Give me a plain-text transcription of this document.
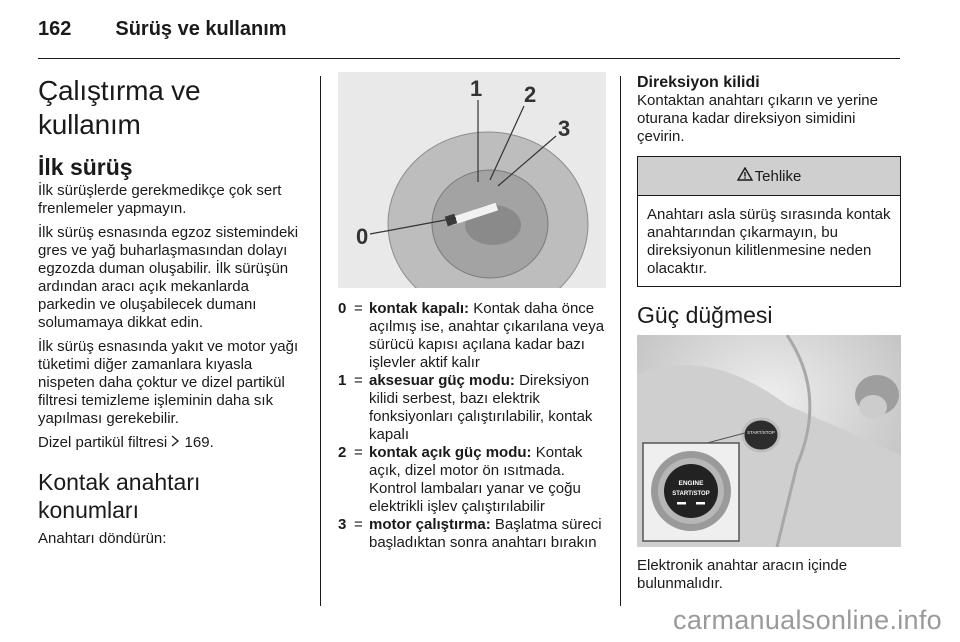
162 Sürüş ve kullanım
Çalıştırma ve kullanım
İlk sürüş

İlk sürüşlerde gerekmedikçe çok sert frenlemeler yapmayın.

İlk sürüş esnasında egzoz sistemindeki gres ve yağ buharlaşmasından dolayı egzozda duman oluşabilir. İlk sürüşün ardından aracı açık mekanlarda parkedin ve oluşabilecek dumanı solumamaya dikkat edin.

İlk sürüş esnasında yakıt ve motor yağı tüketimi diğer zamanlara kıyasla nispeten daha çoktur ve dizel partikül filtresi temizleme işleminin daha sık yapılması gerekebilir.

Dizel partikül filtresi 169.

Kontak anahtarı konumları

Anahtarı döndürün:

1 2
3
0
0 = kontak kapalı: Kontak daha önce açılmış ise, anahtar çıkarılana veya sürücü kapısı açılana kadar bazı işlevler aktif kalır
1 = aksesuar güç modu: Direksiyon kilidi serbest, bazı elektrik fonksiyonları çalıştırılabilir, kontak kapalı
2 = kontak açık güç modu: Kontak açık, dizel motor ön ısıtmada. Kontrol lambaları yanar ve çoğu elektrikli işlev çalıştırılabilir
3 = motor çalıştırma: Başlatma süreci başladıktan sonra anahtarı bırakın
Direksiyon kilidi

Kontaktan anahtarı çıkarın ve yerine oturana kadar direksiyon simidini çevirin.

Tehlike
Anahtarı asla sürüş sırasında kontak anahtarından çıkarmayın, bu direksiyonun kilitlenmesine neden olacaktır.
Güç düğmesi
START/STOP
ENGINE
START/STOP

Elektronik anahtar aracın içinde bulunmalıdır.

carmanualsonline.info
